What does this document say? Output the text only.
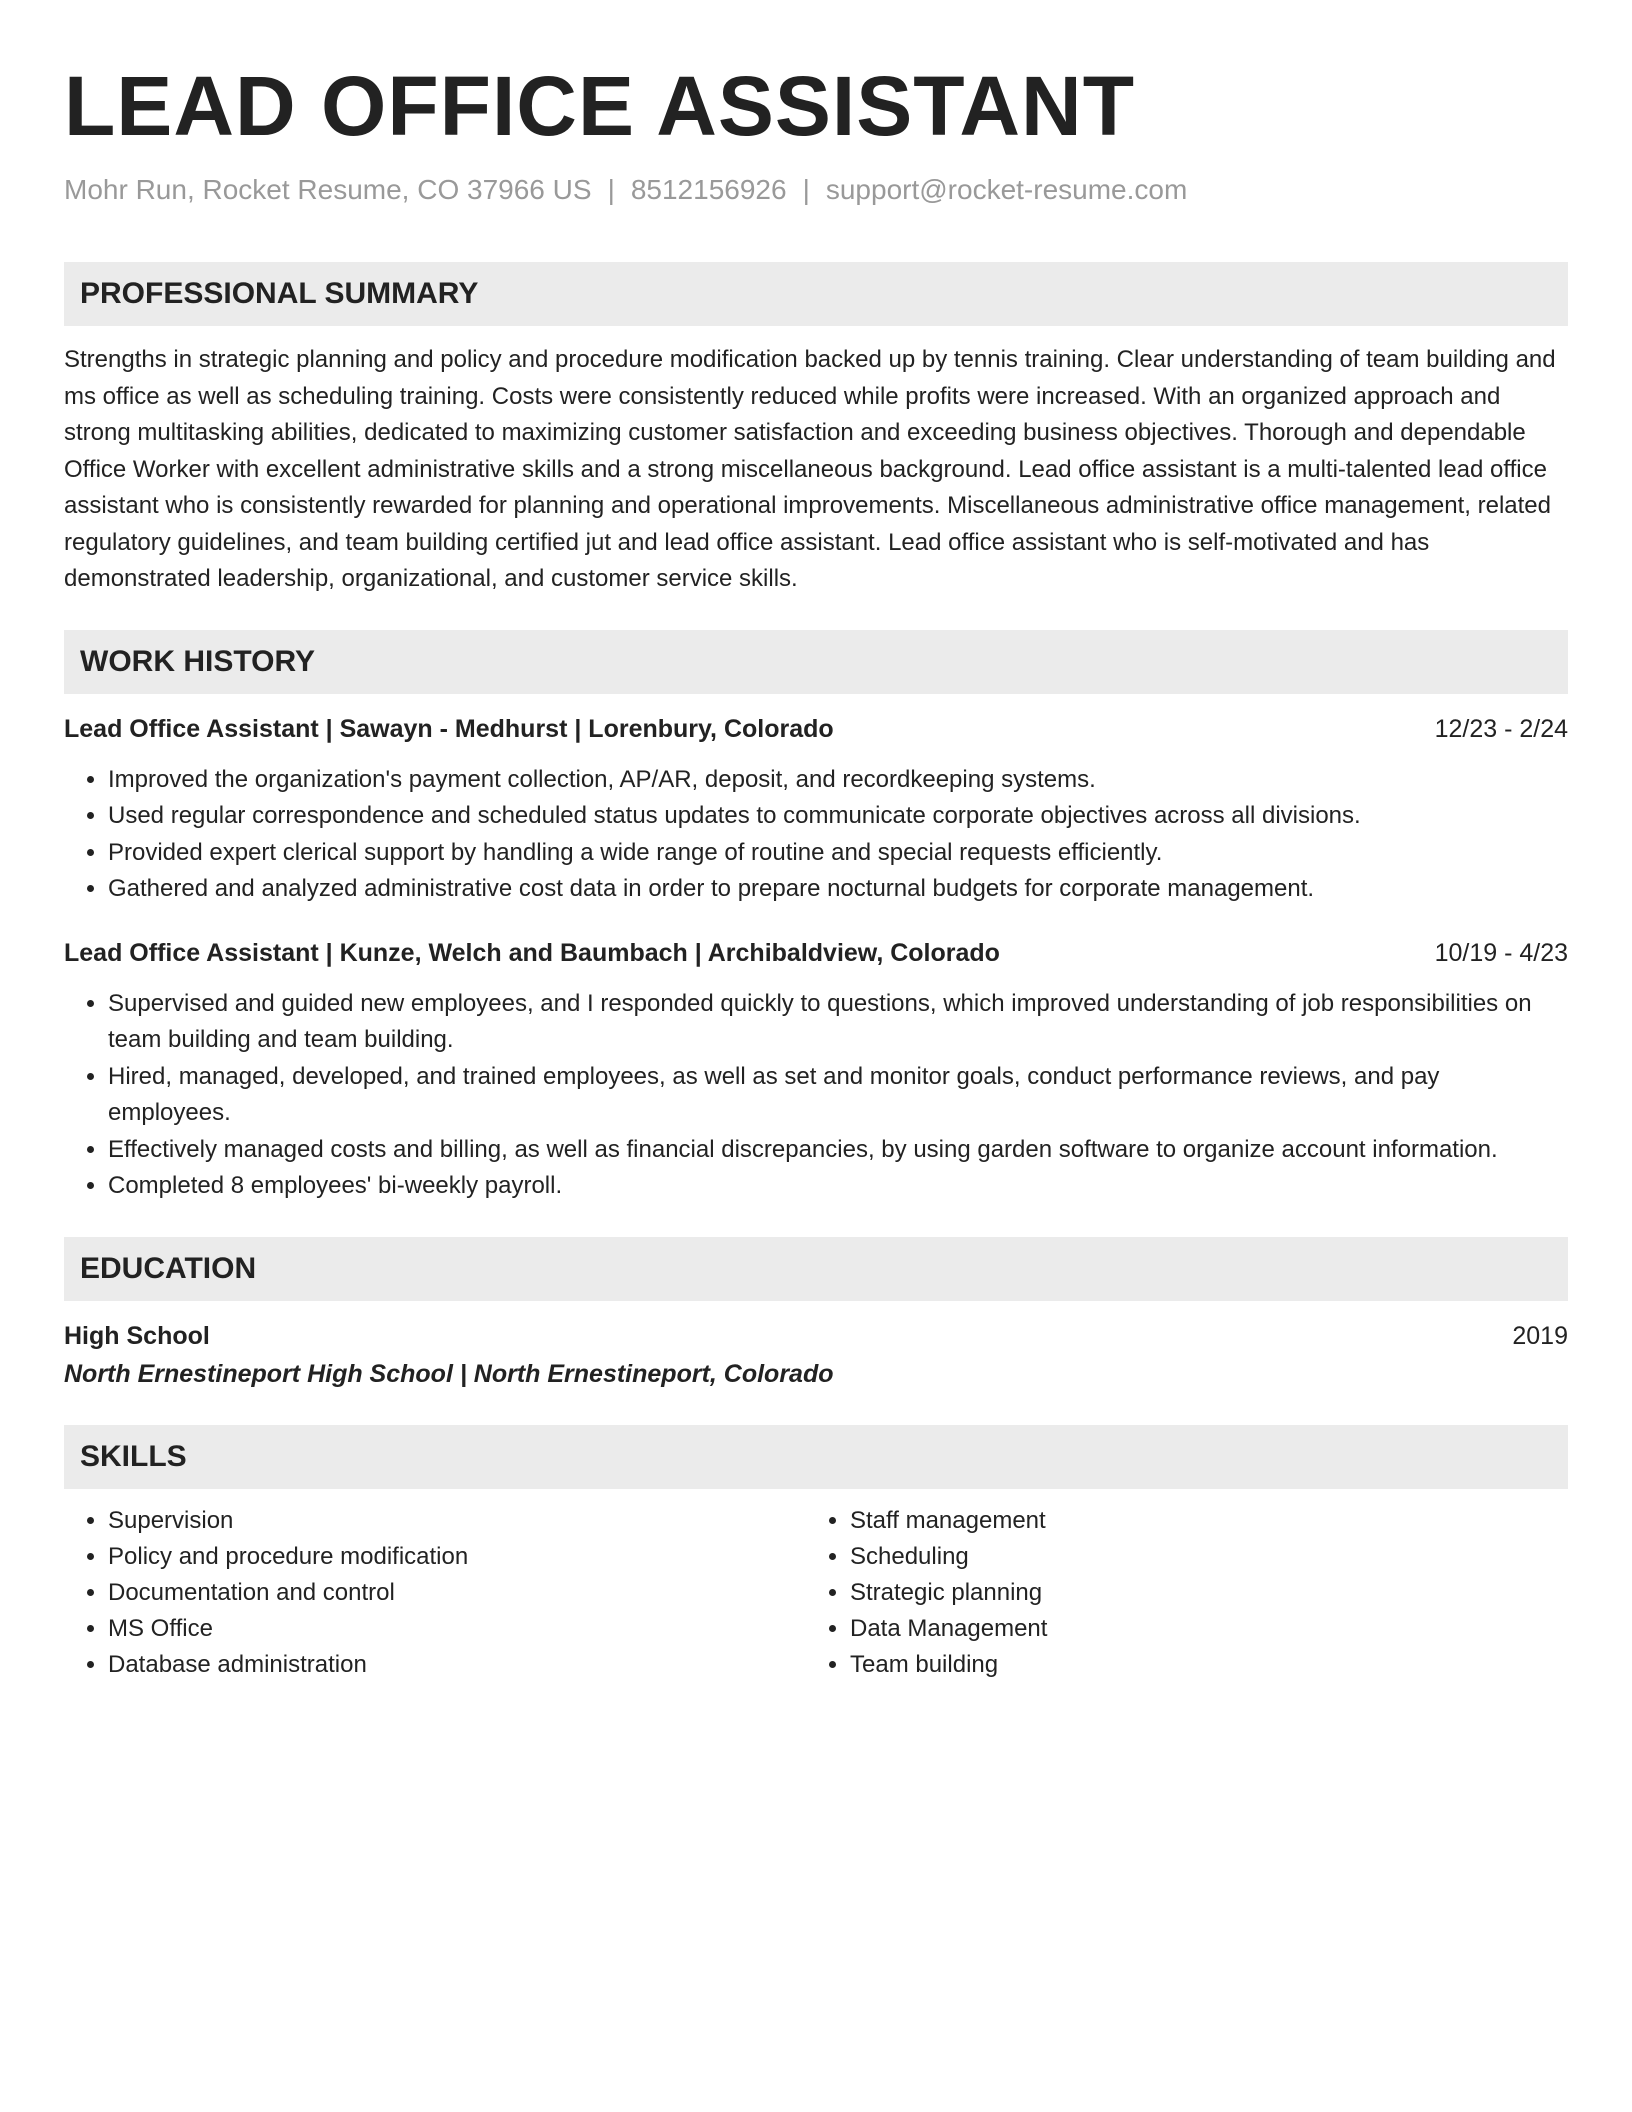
LEAD OFFICE ASSISTANT
Mohr Run, Rocket Resume, CO 37966 US | 8512156926 | support@rocket-resume.com
PROFESSIONAL SUMMARY
Strengths in strategic planning and policy and procedure modification backed up by tennis training. Clear understanding of team building and ms office as well as scheduling training. Costs were consistently reduced while profits were increased. With an organized approach and strong multitasking abilities, dedicated to maximizing customer satisfaction and exceeding business objectives. Thorough and dependable Office Worker with excellent administrative skills and a strong miscellaneous background. Lead office assistant is a multi-talented lead office assistant who is consistently rewarded for planning and operational improvements. Miscellaneous administrative office management, related regulatory guidelines, and team building certified jut and lead office assistant. Lead office assistant who is self-motivated and has demonstrated leadership, organizational, and customer service skills.
WORK HISTORY
Lead Office Assistant | Sawayn - Medhurst | Lorenbury, Colorado	12/23 - 2/24
• Improved the organization's payment collection, AP/AR, deposit, and recordkeeping systems.
• Used regular correspondence and scheduled status updates to communicate corporate objectives across all divisions.
• Provided expert clerical support by handling a wide range of routine and special requests efficiently.
• Gathered and analyzed administrative cost data in order to prepare nocturnal budgets for corporate management.
Lead Office Assistant | Kunze, Welch and Baumbach | Archibaldview, Colorado	10/19 - 4/23
• Supervised and guided new employees, and I responded quickly to questions, which improved understanding of job responsibilities on team building and team building.
• Hired, managed, developed, and trained employees, as well as set and monitor goals, conduct performance reviews, and pay employees.
• Effectively managed costs and billing, as well as financial discrepancies, by using garden software to organize account information.
• Completed 8 employees' bi-weekly payroll.
EDUCATION
High School	2019
North Ernestineport High School | North Ernestineport, Colorado
SKILLS
• Supervision
• Policy and procedure modification
• Documentation and control
• MS Office
• Database administration
• Staff management
• Scheduling
• Strategic planning
• Data Management
• Team building
